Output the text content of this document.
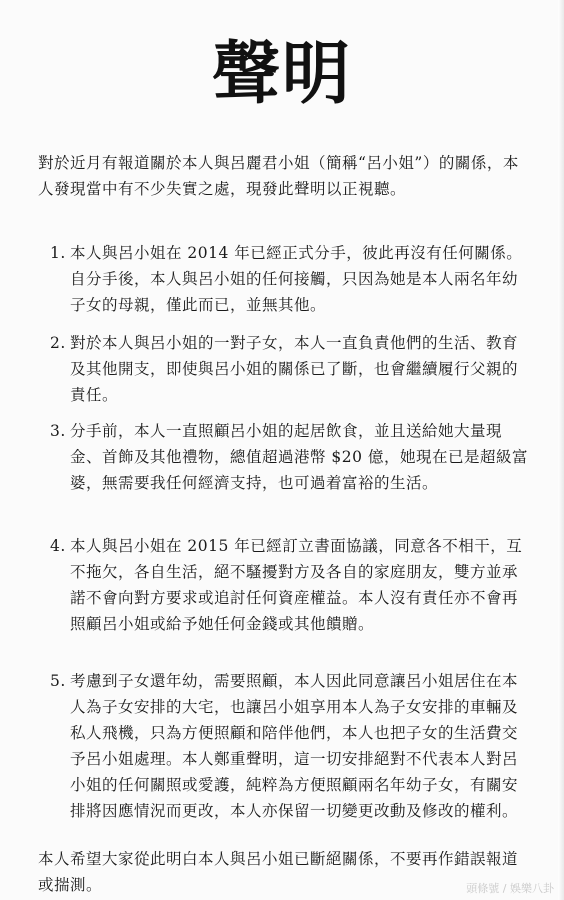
聲明
對於近月有報道關於本人與呂麗君小姐（簡稱“呂小姐”）的關係，本人發現當中有不少失實之處，現發此聲明以正視聽。
1. 本人與呂小姐在 2014 年已經正式分手，彼此再沒有任何關係。自分手後，本人與呂小姐的任何接觸，只因為她是本人兩名年幼子女的母親，僅此而已，並無其他。
2. 對於本人與呂小姐的一對子女，本人一直負責他們的生活、教育及其他開支，即使與呂小姐的關係已了斷，也會繼續履行父親的責任。
3. 分手前，本人一直照顧呂小姐的起居飲食，並且送給她大量現金、首飾及其他禮物，總值超過港幣 $20 億，她現在已是超級富婆，無需要我任何經濟支持，也可過着富裕的生活。
4. 本人與呂小姐在 2015 年已經訂立書面協議，同意各不相干，互不拖欠，各自生活，絕不騷擾對方及各自的家庭朋友，雙方並承諾不會向對方要求或追討任何資産權益。本人沒有責任亦不會再照顧呂小姐或給予她任何金錢或其他饋贈。
5. 考慮到子女還年幼，需要照顧，本人因此同意讓呂小姐居住在本人為子女安排的大宅，也讓呂小姐享用本人為子女安排的車輛及私人飛機，只為方便照顧和陪伴他們，本人也把子女的生活費交予呂小姐處理。本人鄭重聲明，這一切安排絕對不代表本人對呂小姐的任何關照或愛護，純粹為方便照顧兩名年幼子女，有關安排將因應情況而更改，本人亦保留一切變更改動及修改的權利。
本人希望大家從此明白本人與呂小姐已斷絕關係，不要再作錯誤報道或揣測。	頭條號 / 娛樂八卦
